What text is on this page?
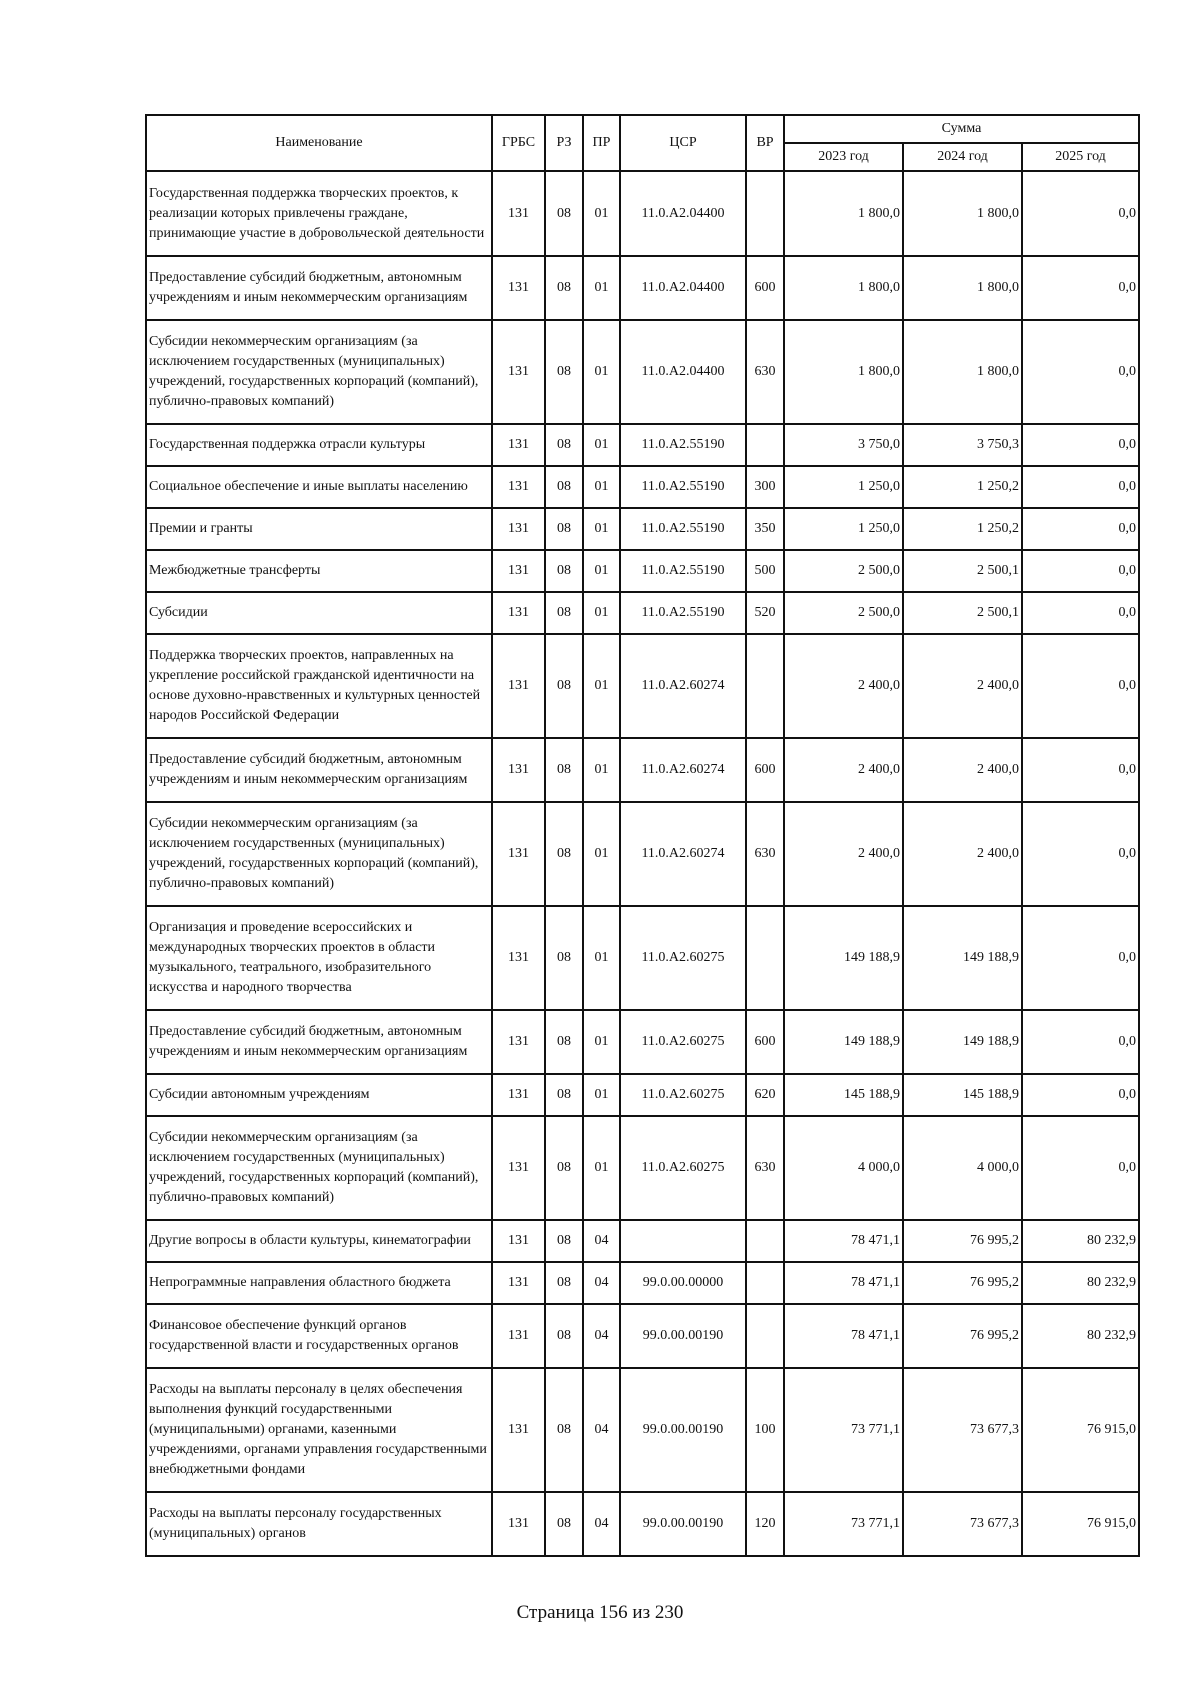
Наименование	ГРБС	РЗ	ПР	ЦСР	ВР	Сумма		
						2023 год	2024 год	2025 год
Государственная поддержка творческих проектов, к реализации которых привлечены граждане, принимающие участие в добровольческой деятельности	131	08	01	11.0.A2.04400		1 800,0	1 800,0	0,0
Предоставление субсидий бюджетным, автономным учреждениям и иным некоммерческим организациям	131	08	01	11.0.A2.04400	600	1 800,0	1 800,0	0,0
Субсидии некоммерческим организациям (за исключением государственных (муниципальных) учреждений, государственных корпораций (компаний), публично-правовых компаний)	131	08	01	11.0.A2.04400	630	1 800,0	1 800,0	0,0
Государственная поддержка отрасли культуры	131	08	01	11.0.A2.55190		3 750,0	3 750,3	0,0
Социальное обеспечение и иные выплаты населению	131	08	01	11.0.A2.55190	300	1 250,0	1 250,2	0,0
Премии и гранты	131	08	01	11.0.A2.55190	350	1 250,0	1 250,2	0,0
Межбюджетные трансферты	131	08	01	11.0.A2.55190	500	2 500,0	2 500,1	0,0
Субсидии	131	08	01	11.0.A2.55190	520	2 500,0	2 500,1	0,0
Поддержка творческих проектов, направленных на укрепление российской гражданской идентичности на основе духовно-нравственных и культурных ценностей народов Российской Федерации	131	08	01	11.0.A2.60274		2 400,0	2 400,0	0,0
Предоставление субсидий бюджетным, автономным учреждениям и иным некоммерческим организациям	131	08	01	11.0.A2.60274	600	2 400,0	2 400,0	0,0
Субсидии некоммерческим организациям (за исключением государственных (муниципальных) учреждений, государственных корпораций (компаний), публично-правовых компаний)	131	08	01	11.0.A2.60274	630	2 400,0	2 400,0	0,0
Организация и проведение всероссийских и международных творческих проектов в области музыкального, театрального, изобразительного искусства и народного творчества	131	08	01	11.0.A2.60275		149 188,9	149 188,9	0,0
Предоставление субсидий бюджетным, автономным учреждениям и иным некоммерческим организациям	131	08	01	11.0.A2.60275	600	149 188,9	149 188,9	0,0
Субсидии автономным учреждениям	131	08	01	11.0.A2.60275	620	145 188,9	145 188,9	0,0
Субсидии некоммерческим организациям (за исключением государственных (муниципальных) учреждений, государственных корпораций (компаний), публично-правовых компаний)	131	08	01	11.0.A2.60275	630	4 000,0	4 000,0	0,0
Другие вопросы в области культуры, кинематографии	131	08	04			78 471,1	76 995,2	80 232,9
Непрограммные направления областного бюджета	131	08	04	99.0.00.00000		78 471,1	76 995,2	80 232,9
Финансовое обеспечение функций органов государственной власти и государственных органов	131	08	04	99.0.00.00190		78 471,1	76 995,2	80 232,9
Расходы на выплаты персоналу в целях обеспечения выполнения функций государственными (муниципальными) органами, казенными учреждениями, органами управления государственными внебюджетными фондами	131	08	04	99.0.00.00190	100	73 771,1	73 677,3	76 915,0
Расходы на выплаты персоналу государственных (муниципальных) органов	131	08	04	99.0.00.00190	120	73 771,1	73 677,3	76 915,0
Страница 156 из 230
